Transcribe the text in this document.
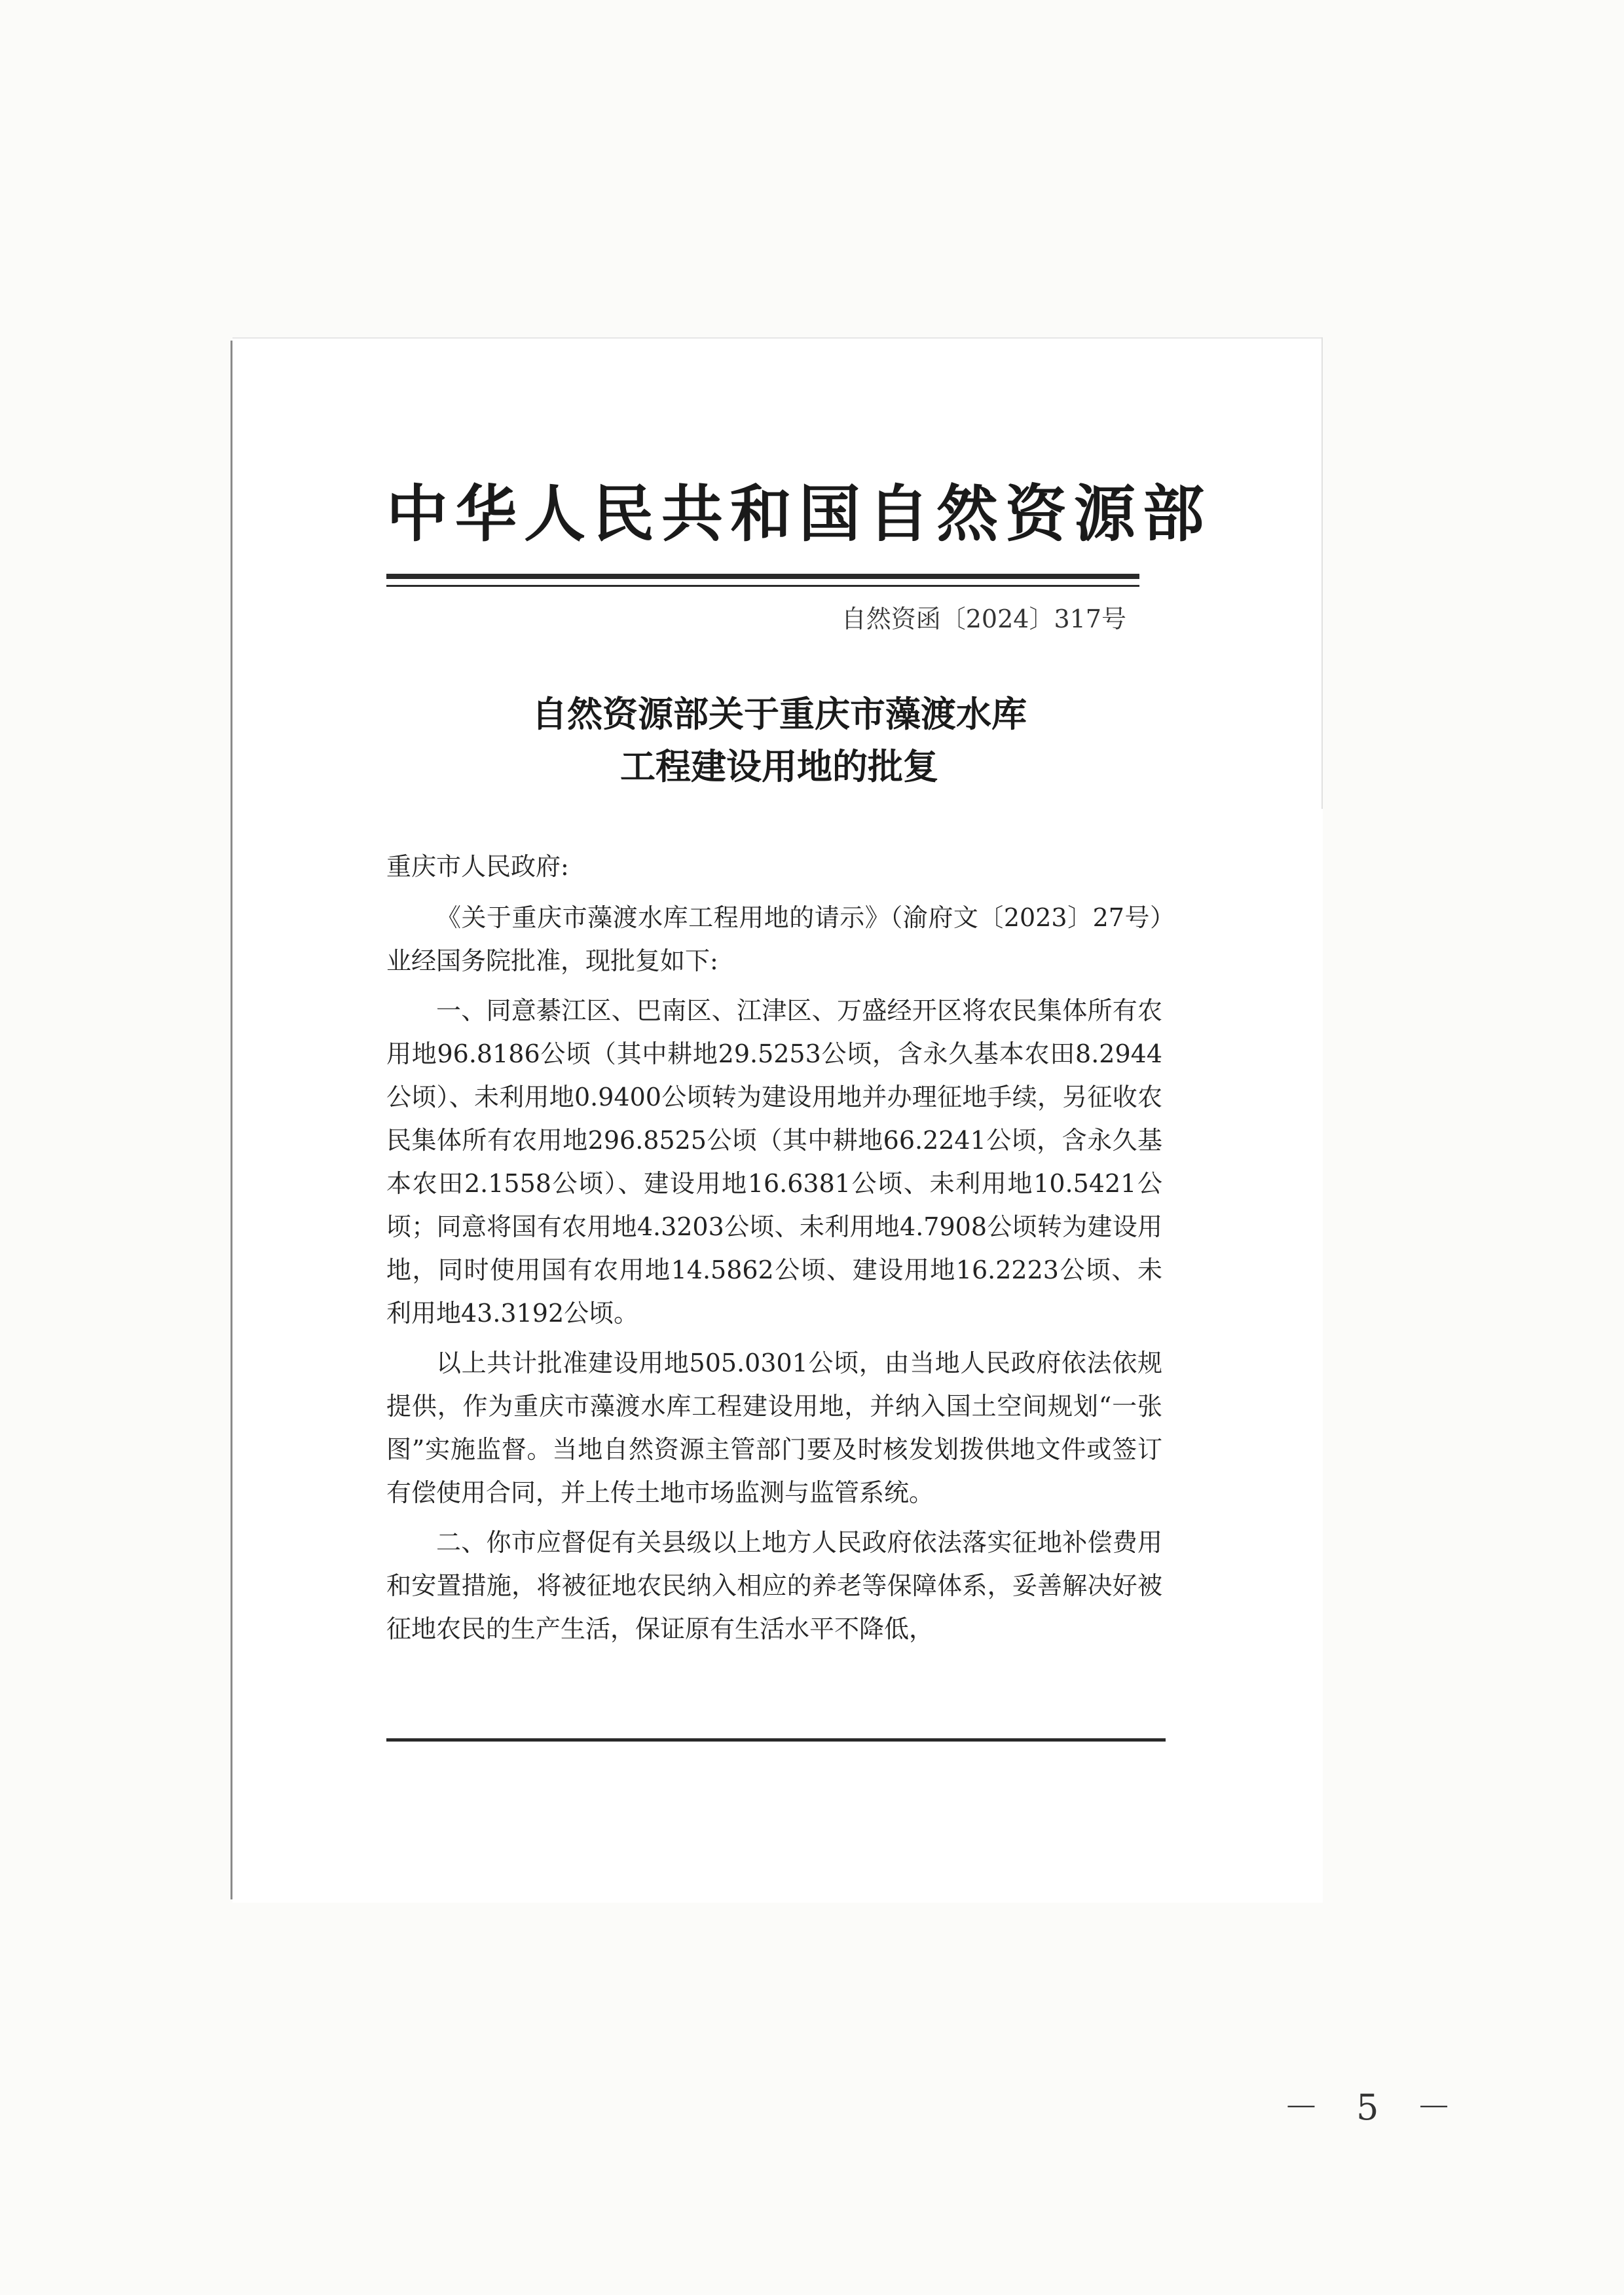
中华人民共和国自然资源部
自然资函〔2024〕317号
自然资源部关于重庆市藻渡水库
工程建设用地的批复

重庆市人民政府:

《关于重庆市藻渡水库工程用地的请示》（渝府文〔2023〕27号）业经国务院批准，现批复如下:

一、同意綦江区、巴南区、江津区、万盛经开区将农民集体所有农用地96.8186公顷（其中耕地29.5253公顷，含永久基本农田8.2944公顷）、未利用地0.9400公顷转为建设用地并办理征地手续，另征收农民集体所有农用地296.8525公顷（其中耕地66.2241公顷，含永久基本农田2.1558公顷）、建设用地16.6381公顷、未利用地10.5421公顷；同意将国有农用地4.3203公顷、未利用地4.7908公顷转为建设用地，同时使用国有农用地14.5862公顷、建设用地16.2223公顷、未利用地43.3192公顷。

以上共计批准建设用地505.0301公顷，由当地人民政府依法依规提供，作为重庆市藻渡水库工程建设用地，并纳入国土空间规划“一张图”实施监督。当地自然资源主管部门要及时核发划拨供地文件或签订有偿使用合同，并上传土地市场监测与监管系统。

二、你市应督促有关县级以上地方人民政府依法落实征地补偿费用和安置措施，将被征地农民纳入相应的养老等保障体系，妥善解决好被征地农民的生产生活，保证原有生活水平不降低，

－ 5 －
